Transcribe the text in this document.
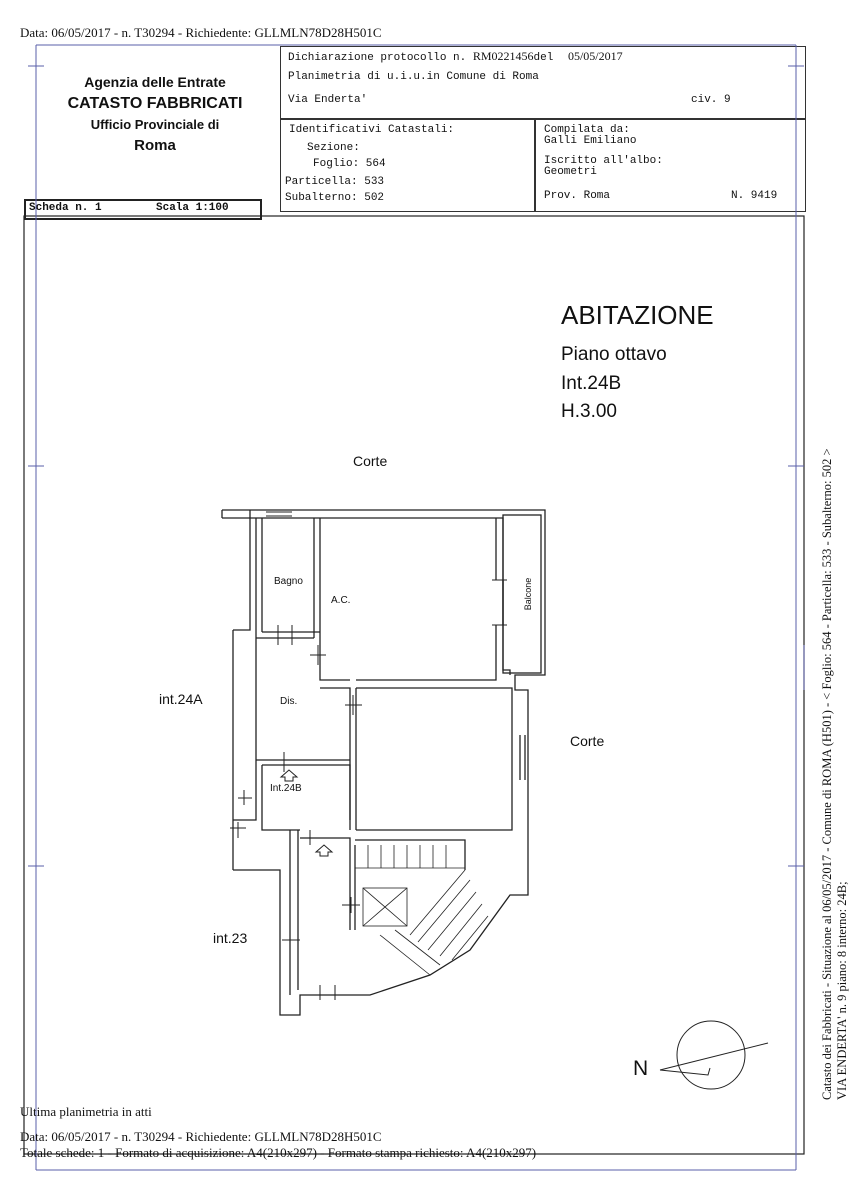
Data: 06/05/2017 - n. T30294 - Richiedente: GLLMLN78D28H501C
Agenzia delle Entrate
CATASTO FABBRICATI
Ufficio Provinciale di
Roma
Dichiarazione protocollo n. RM0221456del 05/05/2017
Planimetria di u.i.u.in Comune di Roma
Via Enderta'	civ. 9
Identificativi Catastali:
Sezione:
Foglio: 564
Particella: 533
Subalterno: 502
Compilata da:
Galli Emiliano
Iscritto all'albo:
Geometri
Prov. Roma	N. 9419
Scheda n. 1	Scala 1:100
ABITAZIONE
Piano ottavo
Int.24B
H.3.00
Corte
Corte
int.24A
int.23
Bagno
A.C.
Dis.
Int.24B
Balcone
N	Catasto dei Fabbricati - Situazione al 06/05/2017 - Comune di ROMA (H501) - < Foglio: 564 - Particella: 533 - Subalterno: 502 > VIA ENDERTA' n. 9 piano: 8 interno: 24B;
Ultima planimetria in atti
Data: 06/05/2017 - n. T30294 - Richiedente: GLLMLN78D28H501C
Totale schede: 1 - Formato di acquisizione: A4(210x297) - Formato stampa richiesto: A4(210x297)
